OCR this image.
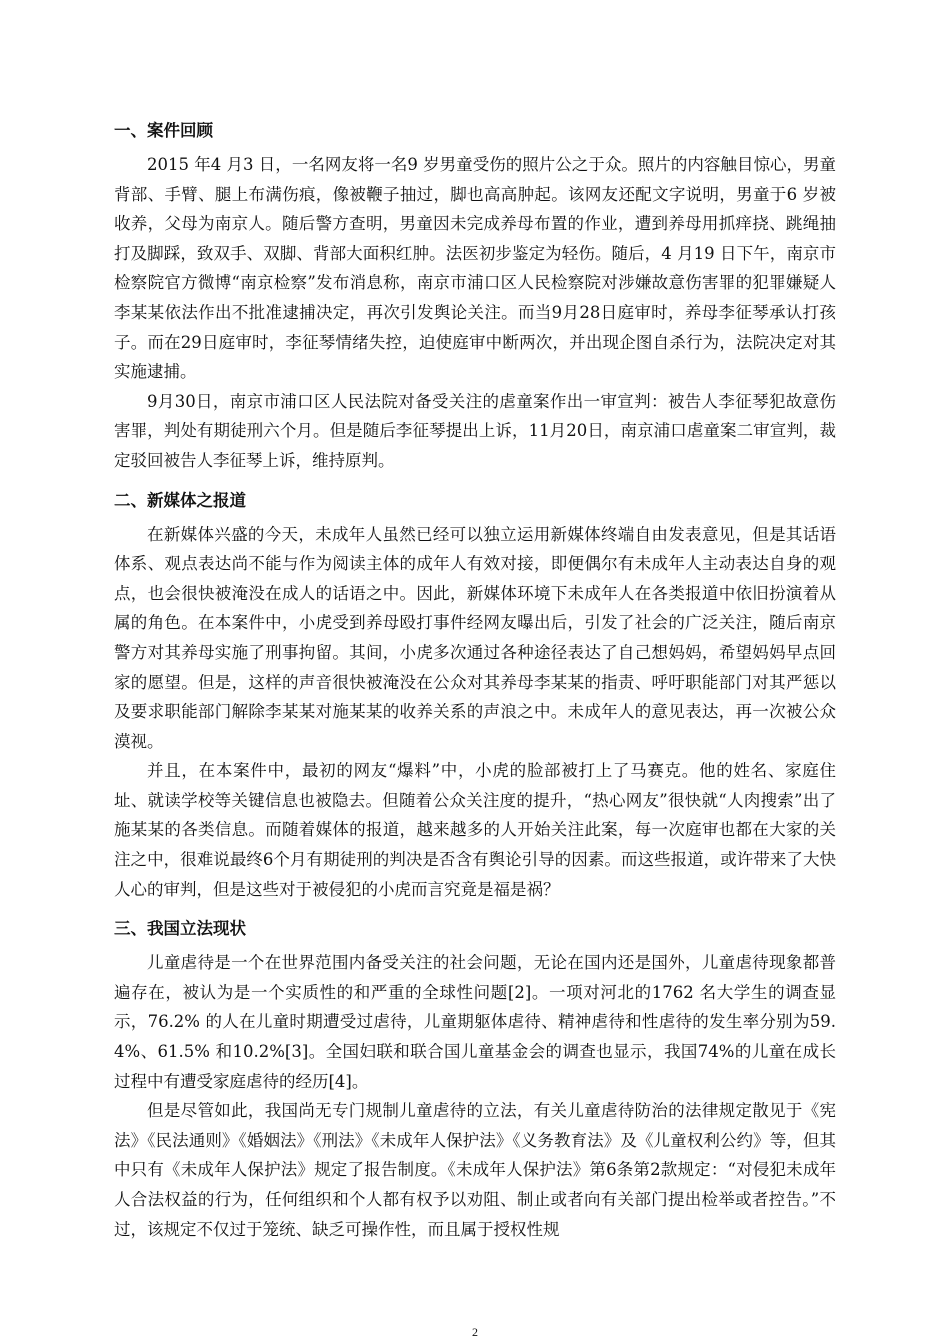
一、案件回顾

2015 年4 月3 日，一名网友将一名9 岁男童受伤的照片公之于众。照片的内容触目惊心，男童背部、手臂、腿上布满伤痕，像被鞭子抽过，脚也高高肿起。该网友还配文字说明，男童于6 岁被收养，父母为南京人。随后警方查明，男童因未完成养母布置的作业，遭到养母用抓痒挠、跳绳抽打及脚踩，致双手、双脚、背部大面积红肿。法医初步鉴定为轻伤。随后，4 月19 日下午，南京市检察院官方微博“南京检察”发布消息称，南京市浦口区人民检察院对涉嫌故意伤害罪的犯罪嫌疑人李某某依法作出不批准逮捕决定，再次引发舆论关注。而当9月28日庭审时，养母李征琴承认打孩子。而在29日庭审时，李征琴情绪失控，迫使庭审中断两次，并出现企图自杀行为，法院决定对其实施逮捕。

9月30日，南京市浦口区人民法院对备受关注的虐童案作出一审宣判：被告人李征琴犯故意伤害罪，判处有期徒刑六个月。但是随后李征琴提出上诉，11月20日，南京浦口虐童案二审宣判，裁定驳回被告人李征琴上诉，维持原判。

二、新媒体之报道

在新媒体兴盛的今天，未成年人虽然已经可以独立运用新媒体终端自由发表意见，但是其话语体系、观点表达尚不能与作为阅读主体的成年人有效对接，即便偶尔有未成年人主动表达自身的观点，也会很快被淹没在成人的话语之中。因此，新媒体环境下未成年人在各类报道中依旧扮演着从属的角色。在本案件中，小虎受到养母殴打事件经网友曝出后，引发了社会的广泛关注，随后南京警方对其养母实施了刑事拘留。其间，小虎多次通过各种途径表达了自己想妈妈，希望妈妈早点回家的愿望。但是，这样的声音很快被淹没在公众对其养母李某某的指责、呼吁职能部门对其严惩以及要求职能部门解除李某某对施某某的收养关系的声浪之中。未成年人的意见表达，再一次被公众漠视。

并且，在本案件中，最初的网友“爆料”中，小虎的脸部被打上了马赛克。他的姓名、家庭住址、就读学校等关键信息也被隐去。但随着公众关注度的提升，“热心网友”很快就“人肉搜索”出了施某某的各类信息。而随着媒体的报道，越来越多的人开始关注此案，每一次庭审也都在大家的关注之中，很难说最终6个月有期徒刑的判决是否含有舆论引导的因素。而这些报道，或许带来了大快人心的审判，但是这些对于被侵犯的小虎而言究竟是福是祸？

三、我国立法现状

儿童虐待是一个在世界范围内备受关注的社会问题，无论在国内还是国外，儿童虐待现象都普遍存在，被认为是一个实质性的和严重的全球性问题[2]。一项对河北的1762 名大学生的调查显示，76.2% 的人在儿童时期遭受过虐待，儿童期躯体虐待、精神虐待和性虐待的发生率分别为59.4%、61.5% 和10.2%[3]。全国妇联和联合国儿童基金会的调查也显示，我国74%的儿童在成长过程中有遭受家庭虐待的经历[4]。

但是尽管如此，我国尚无专门规制儿童虐待的立法，有关儿童虐待防治的法律规定散见于《宪法》《民法通则》《婚姻法》《刑法》《未成年人保护法》《义务教育法》及《儿童权利公约》等，但其中只有《未成年人保护法》规定了报告制度。《未成年人保护法》第6条第2款规定：“对侵犯未成年人合法权益的行为，任何组织和个人都有权予以劝阻、制止或者向有关部门提出检举或者控告。”不过，该规定不仅过于笼统、缺乏可操作性，而且属于授权性规

2
